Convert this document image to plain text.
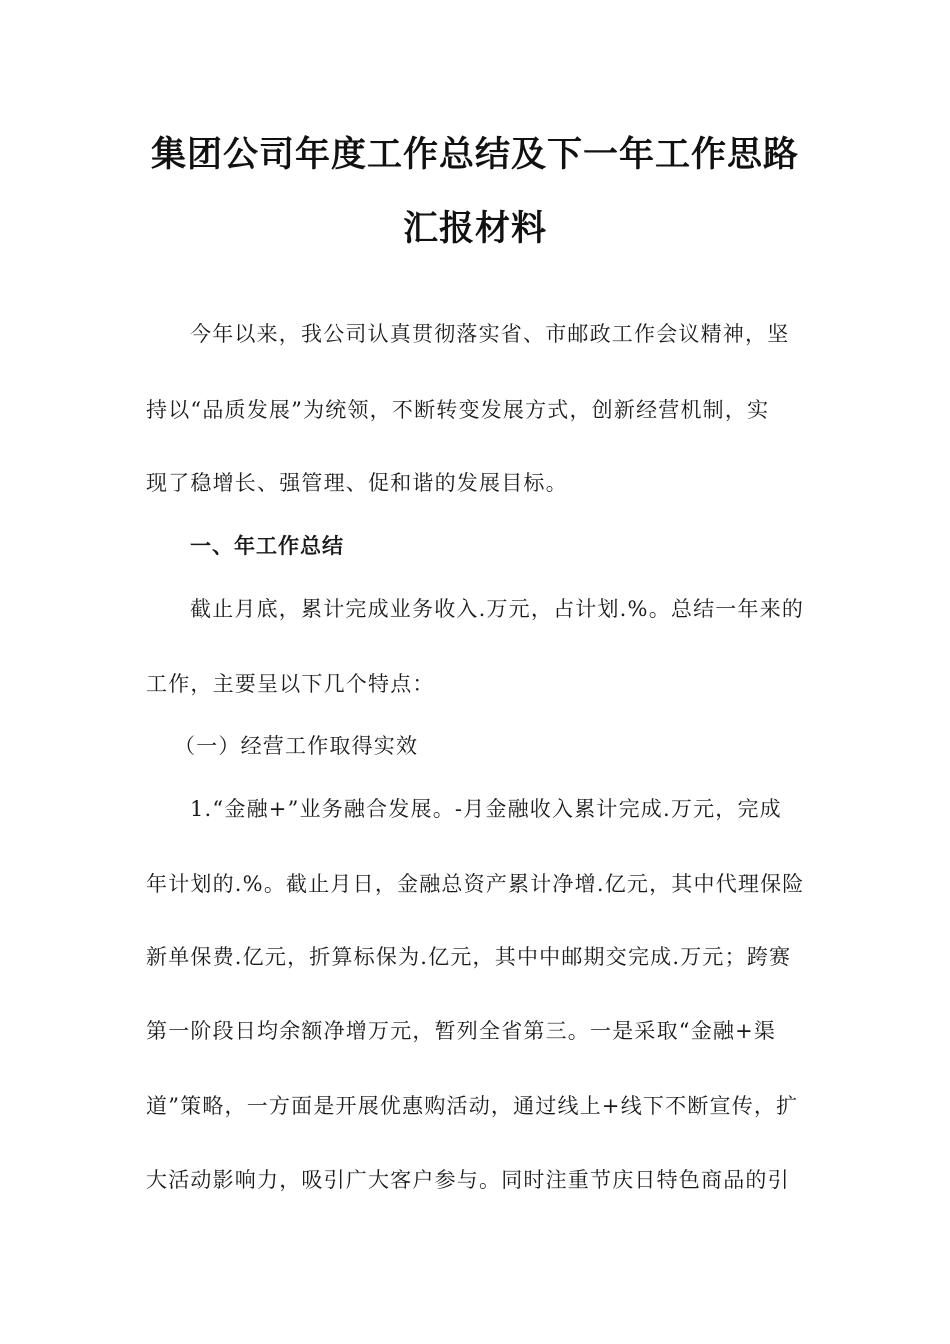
集团公司年度工作总结及下一年工作思路
汇报材料
今年以来，我公司认真贯彻落实省、市邮政工作会议精神，坚
持以“品质发展”为统领，不断转变发展方式，创新经营机制，实
现了稳增长、强管理、促和谐的发展目标。
一、年工作总结
截止月底，累计完成业务收入.万元，占计划.%。总结一年来的
工作，主要呈以下几个特点：
（一）经营工作取得实效
1.“金融+”业务融合发展。-月金融收入累计完成.万元，完成
年计划的.%。截止月日，金融总资产累计净增.亿元，其中代理保险
新单保费.亿元，折算标保为.亿元，其中中邮期交完成.万元；跨赛
第一阶段日均余额净增万元，暂列全省第三。一是采取“金融+渠
道”策略，一方面是开展优惠购活动，通过线上+线下不断宣传，扩
大活动影响力，吸引广大客户参与。同时注重节庆日特色商品的引
